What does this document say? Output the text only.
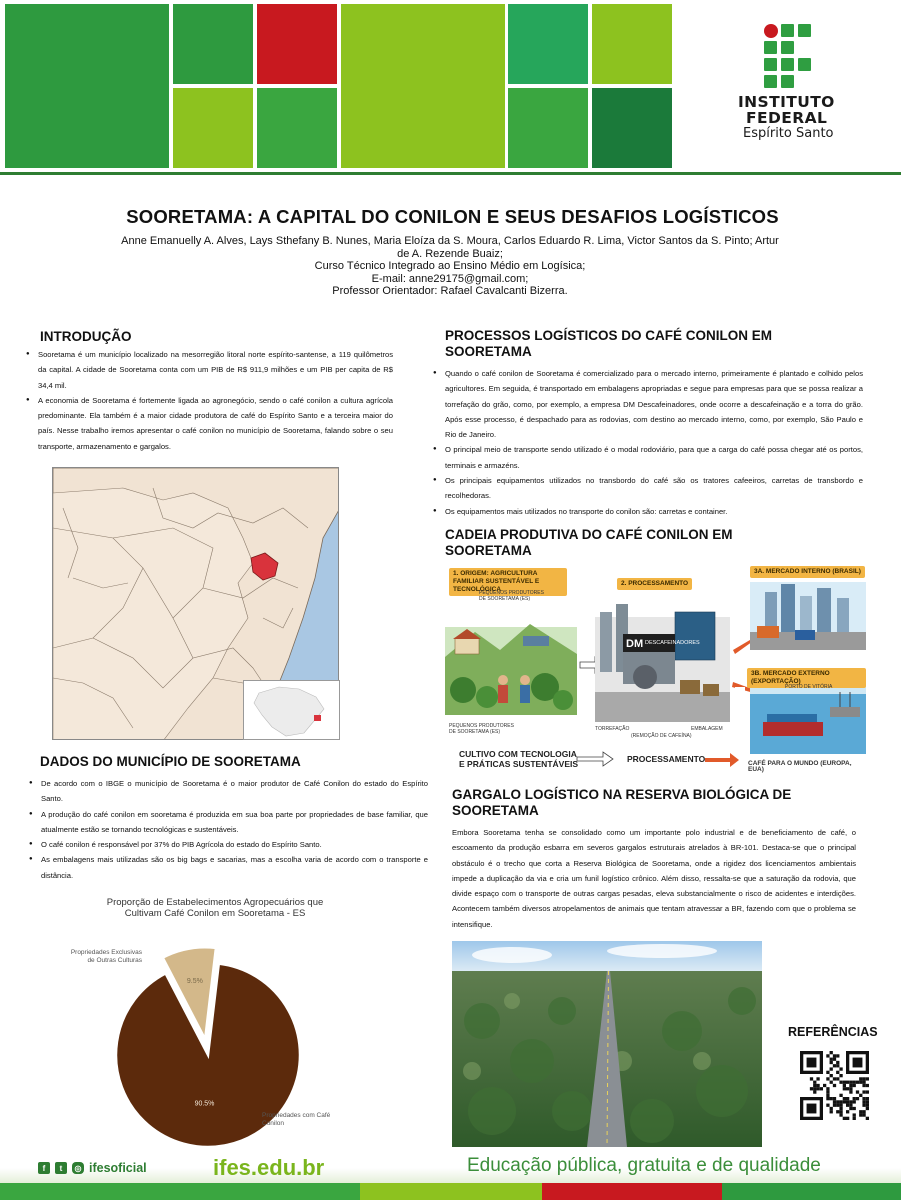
INSTITUTO
FEDERAL
Espírito Santo
SOORETAMA: A CAPITAL DO CONILON E SEUS DESAFIOS LOGÍSTICOS
Anne Emanuelly A. Alves, Lays Sthefany B. Nunes, Maria Eloíza da S. Moura, Carlos Eduardo R. Lima, Victor Santos da S. Pinto; Artur
de A. Rezende Buaiz;
Curso Técnico Integrado ao Ensino Médio em Logísica;
E-mail: anne29175@gmail.com;
Professor Orientador: Rafael Cavalcanti Bizerra.
INTRODUÇÃO
● Sooretama é um município localizado na mesorregião litoral norte espírito-santense, a 119 quilômetros da capital. A cidade de Sooretama conta com um PIB de R$ 911,9 milhões e um PIB per capita de R$ 34,4 mil.
● A economia de Sooretama é fortemente ligada ao agronegócio, sendo o café conilon a cultura agrícola predominante. Ela também é a maior cidade produtora de café do Espírito Santo e a terceira maior do país. Nesse trabalho iremos apresentar o café conilon no município de Sooretama, falando sobre o seu transporte, armazenamento e gargalos.
DADOS DO MUNICÍPIO DE SOORETAMA
● De acordo com o IBGE o município de Sooretama é o maior produtor de Café Conilon do estado do Espírito Santo.
● A produção do café conilon em sooretama é produzida em sua boa parte por propriedades de base familiar, que atualmente estão se tornando tecnológicas e sustentáveis.
● O café conilon é responsável por 37% do PIB Agrícola do estado do Espírito Santo.
● As embalagens mais utilizadas são os big bags e sacarias, mas a escolha varia de acordo com o transporte e distância.
Proporção de Estabelecimentos Agropecuários que Cultivam Café Conilon em Sooretama - ES
9.5%
90.5%
Propriedades Exclusivas de Outras Culturas
Propriedades com Café Conilon
PROCESSOS LOGÍSTICOS DO CAFÉ CONILON EM SOORETAMA
● Quando o café conilon de Sooretama é comercializado para o mercado interno, primeiramente é plantado e colhido pelos agricultores. Em seguida, é transportado em embalagens apropriadas e segue para empresas para que se possa realizar a torrefação do grão, como, por exemplo, a empresa DM Descafeinadores, onde ocorre a descafeinação e a torra do grão. Após esse processo, é despachado para as rodovias, com destino ao mercado interno, como, por exemplo, São Paulo e Rio de Janeiro.
● O principal meio de transporte sendo utilizado é o modal rodoviário, para que a carga do café possa chegar até os portos, terminais e armazéns.
● Os principais equipamentos utilizados no transbordo do café são os tratores cafeeiros, carretas de transbordo e recolhedoras.
● Os equipamentos mais utilizados no transporte do conilon são: carretas e container.
CADEIA PRODUTIVA DO CAFÉ CONILON EM SOORETAMA
1. ORIGEM: AGRICULTURA FAMILIAR SUSTENTÁVEL E TECNOLÓGICA
PEQUENOS PRODUTORES DE SOORETAMA (ES)
2. PROCESSAMENTO
3A. MERCADO INTERNO (BRASIL)
3B. MERCADO EXTERNO (EXPORTAÇÃO)
PORTO DE VITÓRIA
DM DESCAFEINADORES
PEQUENOS PRODUTORES DE SOORETAMA (ES)	TORREFAÇÃO
(REMOÇÃO DE CAFEÍNA)
EMBALAGEM
CULTIVO COM TECNOLOGIA E PRÁTICAS SUSTENTÁVEIS	PROCESSAMENTO	CAFÉ PARA O MUNDO (EUROPA, EUA)
GARGALO LOGÍSTICO NA RESERVA BIOLÓGICA DE SOORETAMA
Embora Sooretama tenha se consolidado como um importante polo industrial e de beneficiamento de café, o escoamento da produção esbarra em severos gargalos estruturais atrelados à BR-101. Destaca-se que o principal obstáculo é o trecho que corta a Reserva Biológica de Sooretama, onde a rigidez dos licenciamentos ambientais impede a duplicação da via e cria um funil logístico crônico. Além disso, ressalta-se que a saturação da rodovia, que divide espaço com o transporte de outras cargas pesadas, eleva substancialmente o risco de acidentes e interdições. Acontecem também diversos atropelamentos de animais que tentam atravessar a BR, fazendo com que o problema se intensifique.
REFERÊNCIAS
f	t	◎ ifesoficial	ifes.edu.br	Educação pública, gratuita e de qualidade
